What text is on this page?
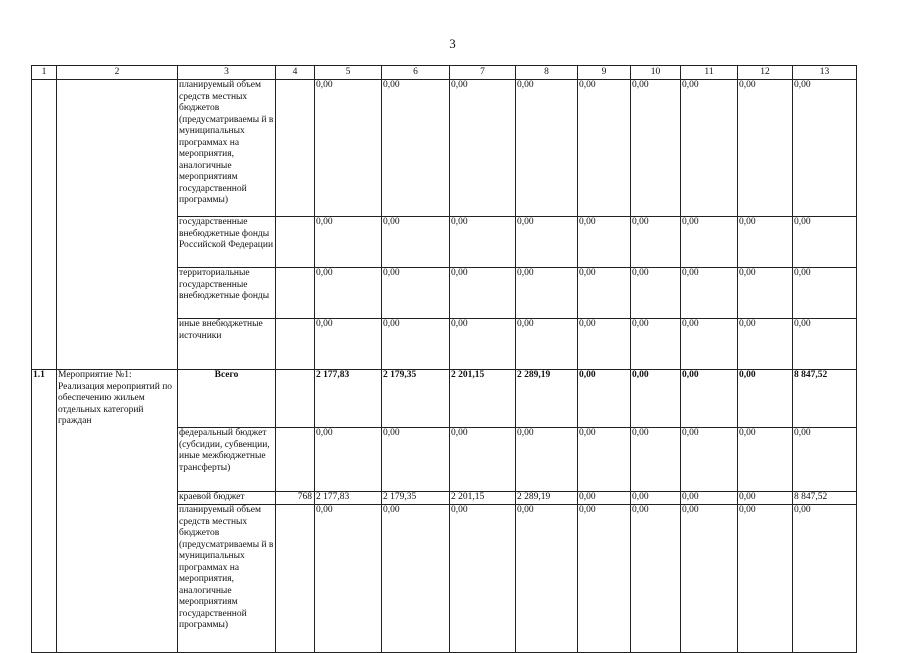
3
1	2	3	4	5	6	7	8	9	10	11	12	13
		планируемый объем средств местных бюджетов (предусматриваемы й в муниципальных программах на мероприятия, аналогичные мероприятиям государственной программы)		0,00	0,00	0,00	0,00	0,00	0,00	0,00	0,00	0,00
		государственные внебюджетные фонды Российской Федерации		0,00	0,00	0,00	0,00	0,00	0,00	0,00	0,00	0,00
		территориальные государственные внебюджетные фонды		0,00	0,00	0,00	0,00	0,00	0,00	0,00	0,00	0,00
		иные внебюджетные источники		0,00	0,00	0,00	0,00	0,00	0,00	0,00	0,00	0,00
1.1	Мероприятие №1: Реализация мероприятий по обеспечению жильем отдельных категорий граждан	Всего		2 177,83	2 179,35	2 201,15	2 289,19	0,00	0,00	0,00	0,00	8 847,52
		федеральный бюджет (субсидии, субвенции, иные межбюджетные трансферты)		0,00	0,00	0,00	0,00	0,00	0,00	0,00	0,00	0,00
		краевой бюджет	768	2 177,83	2 179,35	2 201,15	2 289,19	0,00	0,00	0,00	0,00	8 847,52
		планируемый объем средств местных бюджетов (предусматриваемы й в муниципальных программах на мероприятия, аналогичные мероприятиям государственной программы)		0,00	0,00	0,00	0,00	0,00	0,00	0,00	0,00	0,00
